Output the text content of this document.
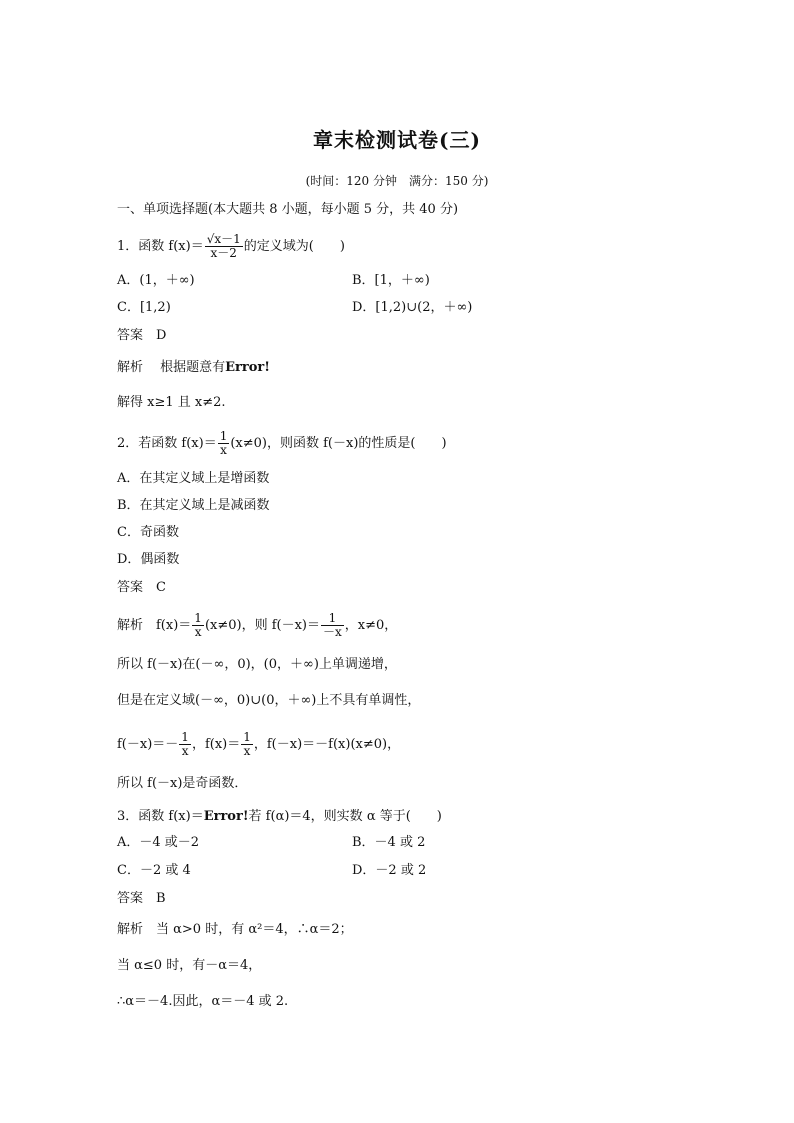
章末检测试卷(三)
(时间：120 分钟　满分：150 分)
一、单项选择题(本大题共 8 小题，每小题 5 分，共 40 分)
1．函数 $f(x)= \frac{√x-1}{x-2}$ 的定义域为(　　)
A．(1，＋∞)	B．[1，＋∞)
C．[1,2)	D．[1,2)∪(2，＋∞)
答案　D
解析　 根据题意有Error!
解得 x≥1 且 x≠2.
2．若函数 $f(x)= \frac{1}{x} (x\ne 0)$，则函数 f(－x)的性质是(　　)
A．在其定义域上是增函数
B．在其定义域上是减函数
C．奇函数
D．偶函数
答案　C
解析　$f(x)= \frac{1}{x} (x\ne 0)$，则 $f(-x)= \frac{1}{-x}$ ，x≠0，
所以 f(－x)在(－∞，0)，(0，＋∞)上单调递增，
但是在定义域(－∞，0)∪(0，＋∞)上不具有单调性，
$f(-x)=- \frac{1}{x}$ ，$f(x)= \frac{1}{x}$ ，f(－x)＝－f(x)(x≠0)，
所以 f(－x)是奇函数．
3．函数 f(x)＝Error!若 f(α)＝4，则实数 α 等于(　　)
A．－4 或－2	B．－4 或 2
C．－2 或 4	D．－2 或 2
答案　B
解析　当 α>0 时，有 α²＝4，∴α＝2；
当 α≤0 时，有－α＝4，
∴α＝－4.因此，α＝－4 或 2.
